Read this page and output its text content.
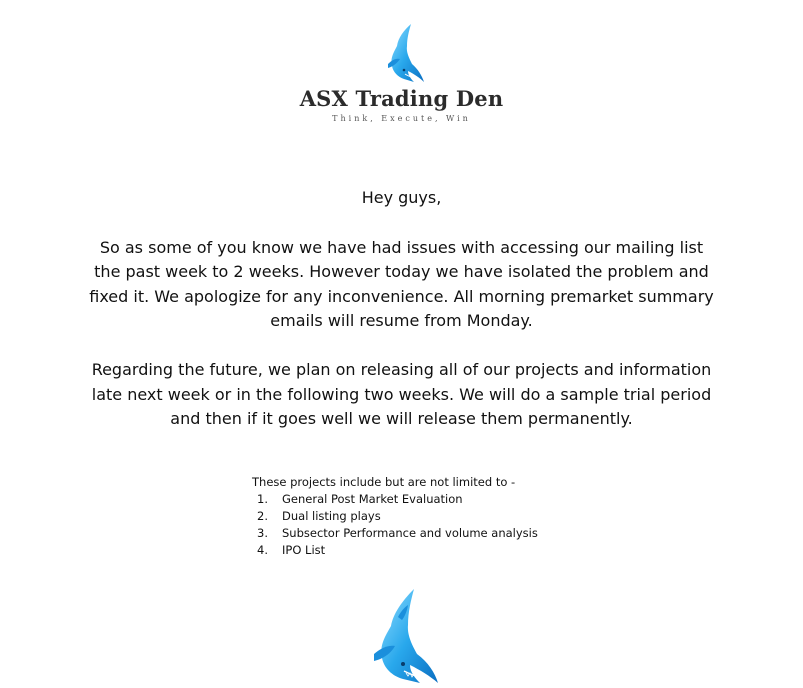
ASX Trading Den
Think, Execute, Win

Hey guys,

So as some of you know we have had issues with accessing our mailing list the past week to 2 weeks. However today we have isolated the problem and fixed it. We apologize for any inconvenience. All morning premarket summary emails will resume from Monday.

Regarding the future, we plan on releasing all of our projects and information late next week or in the following two weeks. We will do a sample trial period and then if it goes well we will release them permanently.

These projects include but are not limited to -

1. General Post Market Evaluation
2. Dual listing plays
3. Subsector Performance and volume analysis
4. IPO List
